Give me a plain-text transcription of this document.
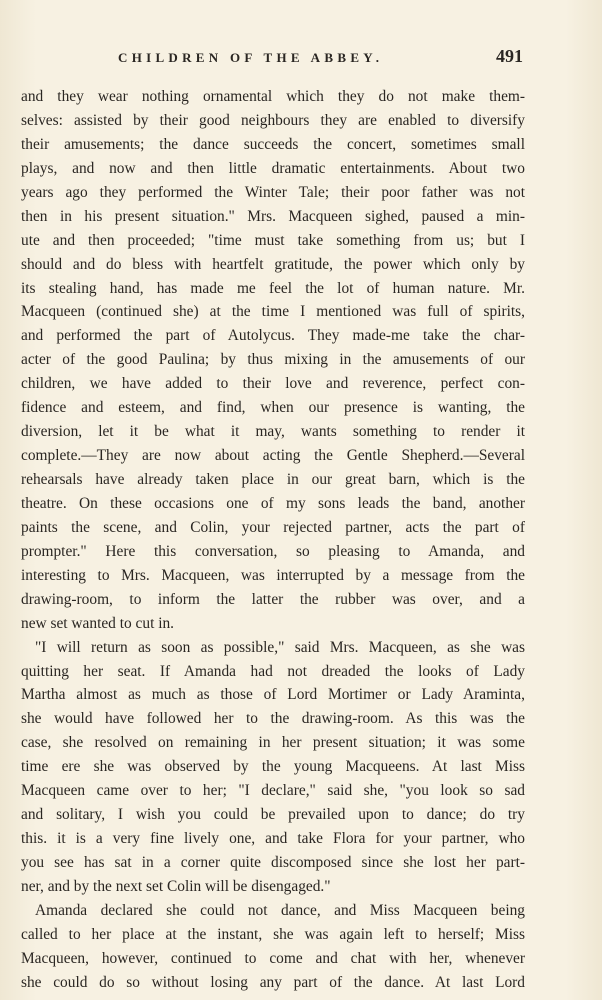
CHILDREN OF THE ABBEY.	491
and they wear nothing ornamental which they do not make them-
selves: assisted by their good neighbours they are enabled to diversify
their amusements; the dance succeeds the concert, sometimes small
plays, and now and then little dramatic entertainments. About two
years ago they performed the Winter Tale; their poor father was not
then in his present situation." Mrs. Macqueen sighed, paused a min-
ute and then proceeded; "time must take something from us; but I
should and do bless with heartfelt gratitude, the power which only by
its stealing hand, has made me feel the lot of human nature. Mr.
Macqueen (continued she) at the time I mentioned was full of spirits,
and performed the part of Autolycus. They made-me take the char-
acter of the good Paulina; by thus mixing in the amusements of our
children, we have added to their love and reverence, perfect con-
fidence and esteem, and find, when our presence is wanting, the
diversion, let it be what it may, wants something to render it
complete.—They are now about acting the Gentle Shepherd.—Several
rehearsals have already taken place in our great barn, which is the
theatre. On these occasions one of my sons leads the band, another
paints the scene, and Colin, your rejected partner, acts the part of
prompter." Here this conversation, so pleasing to Amanda, and
interesting to Mrs. Macqueen, was interrupted by a message from the
drawing-room, to inform the latter the rubber was over, and a
new set wanted to cut in.
"I will return as soon as possible," said Mrs. Macqueen, as she was
quitting her seat. If Amanda had not dreaded the looks of Lady
Martha almost as much as those of Lord Mortimer or Lady Araminta,
she would have followed her to the drawing-room. As this was the
case, she resolved on remaining in her present situation; it was some
time ere she was observed by the young Macqueens. At last Miss
Macqueen came over to her; "I declare," said she, "you look so sad
and solitary, I wish you could be prevailed upon to dance; do try
this. it is a very fine lively one, and take Flora for your partner, who
you see has sat in a corner quite discomposed since she lost her part-
ner, and by the next set Colin will be disengaged."
Amanda declared she could not dance, and Miss Macqueen being
called to her place at the instant, she was again left to herself; Miss
Macqueen, however, continued to come and chat with her, whenever
she could do so without losing any part of the dance. At last Lord
